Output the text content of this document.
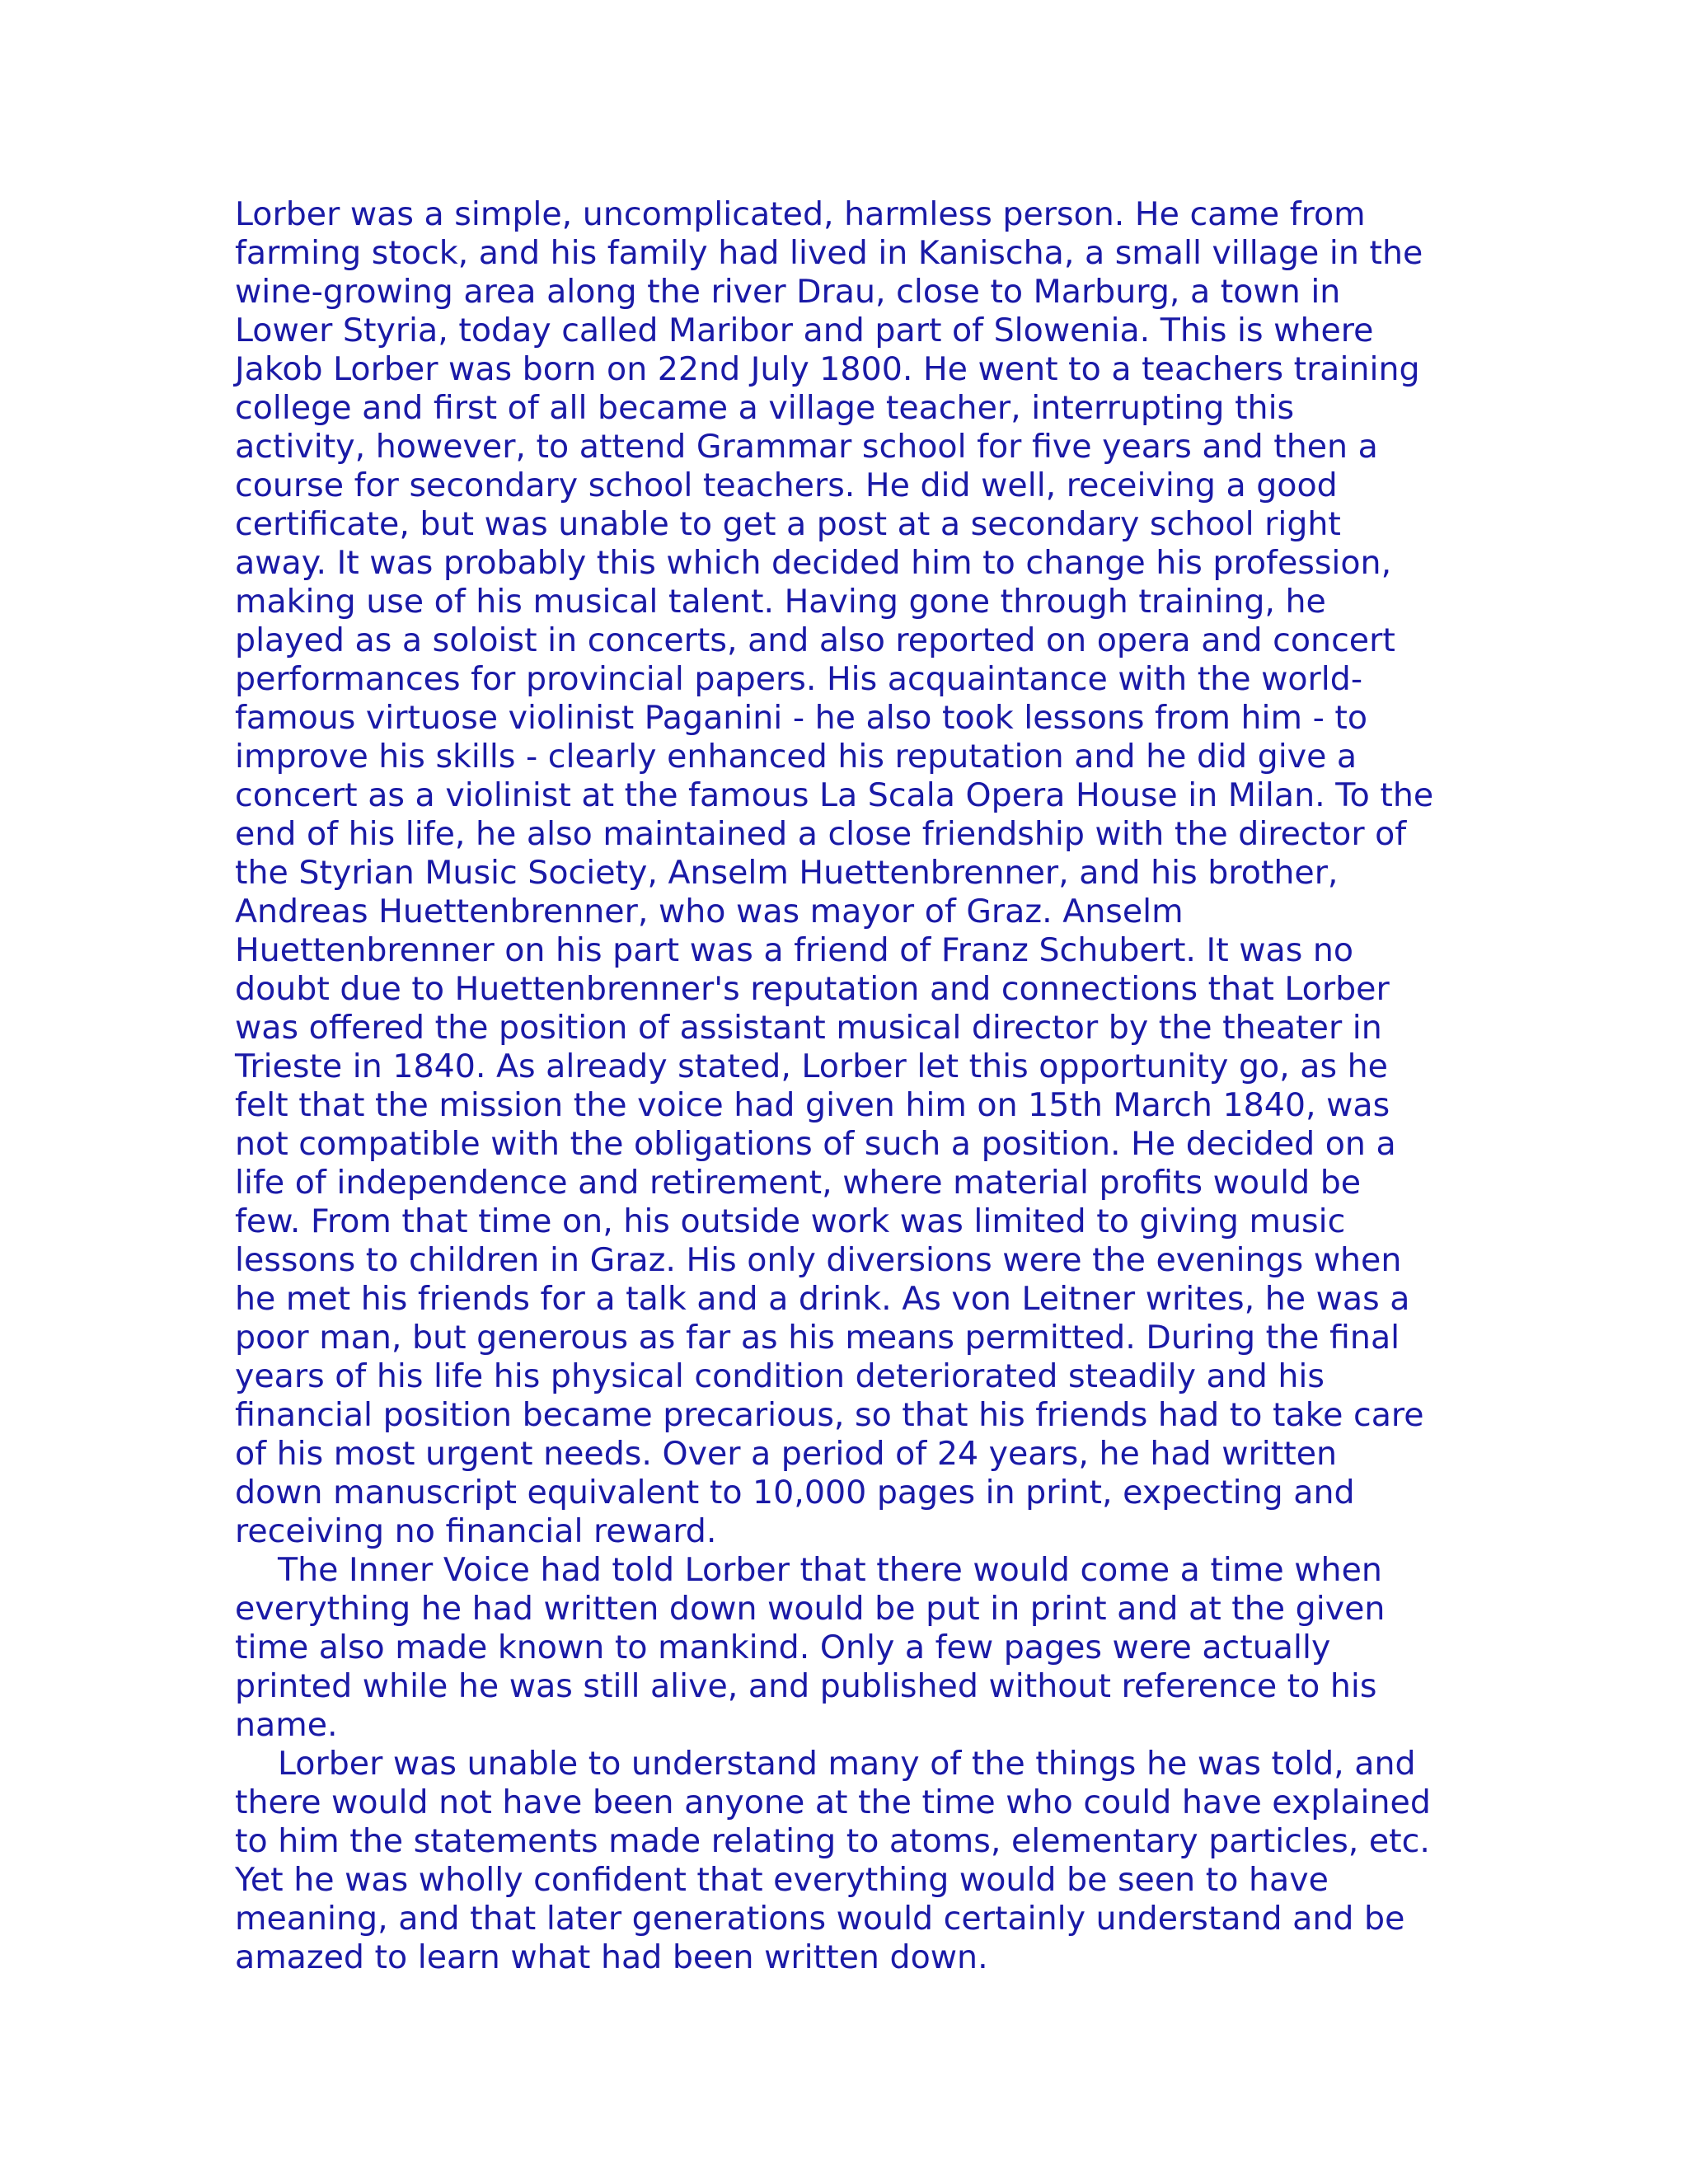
Lorber was a simple, uncomplicated, harmless person. He came from
farming stock, and his family had lived in Kanischa, a small village in the
wine-growing area along the river Drau, close to Marburg, a town in
Lower Styria, today called Maribor and part of Slowenia. This is where
Jakob Lorber was born on 22nd July 1800. He went to a teachers training
college and first of all became a village teacher, interrupting this
activity, however, to attend Grammar school for five years and then a
course for secondary school teachers. He did well, receiving a good
certificate, but was unable to get a post at a secondary school right
away. It was probably this which decided him to change his profession,
making use of his musical talent. Having gone through training, he
played as a soloist in concerts, and also reported on opera and concert
performances for provincial papers. His acquaintance with the world-
famous virtuose violinist Paganini - he also took lessons from him - to
improve his skills - clearly enhanced his reputation and he did give a
concert as a violinist at the famous La Scala Opera House in Milan. To the
end of his life, he also maintained a close friendship with the director of
the Styrian Music Society, Anselm Huettenbrenner, and his brother,
Andreas Huettenbrenner, who was mayor of Graz. Anselm
Huettenbrenner on his part was a friend of Franz Schubert. It was no
doubt due to Huettenbrenner's reputation and connections that Lorber
was offered the position of assistant musical director by the theater in
Trieste in 1840. As already stated, Lorber let this opportunity go, as he
felt that the mission the voice had given him on 15th March 1840, was
not compatible with the obligations of such a position. He decided on a
life of independence and retirement, where material profits would be
few. From that time on, his outside work was limited to giving music
lessons to children in Graz. His only diversions were the evenings when
he met his friends for a talk and a drink. As von Leitner writes, he was a
poor man, but generous as far as his means permitted. During the final
years of his life his physical condition deteriorated steadily and his
financial position became precarious, so that his friends had to take care
of his most urgent needs. Over a period of 24 years, he had written
down manuscript equivalent to 10,000 pages in print, expecting and
receiving no financial reward.
The Inner Voice had told Lorber that there would come a time when
everything he had written down would be put in print and at the given
time also made known to mankind. Only a few pages were actually
printed while he was still alive, and published without reference to his
name.
Lorber was unable to understand many of the things he was told, and
there would not have been anyone at the time who could have explained
to him the statements made relating to atoms, elementary particles, etc.
Yet he was wholly confident that everything would be seen to have
meaning, and that later generations would certainly understand and be
amazed to learn what had been written down.
